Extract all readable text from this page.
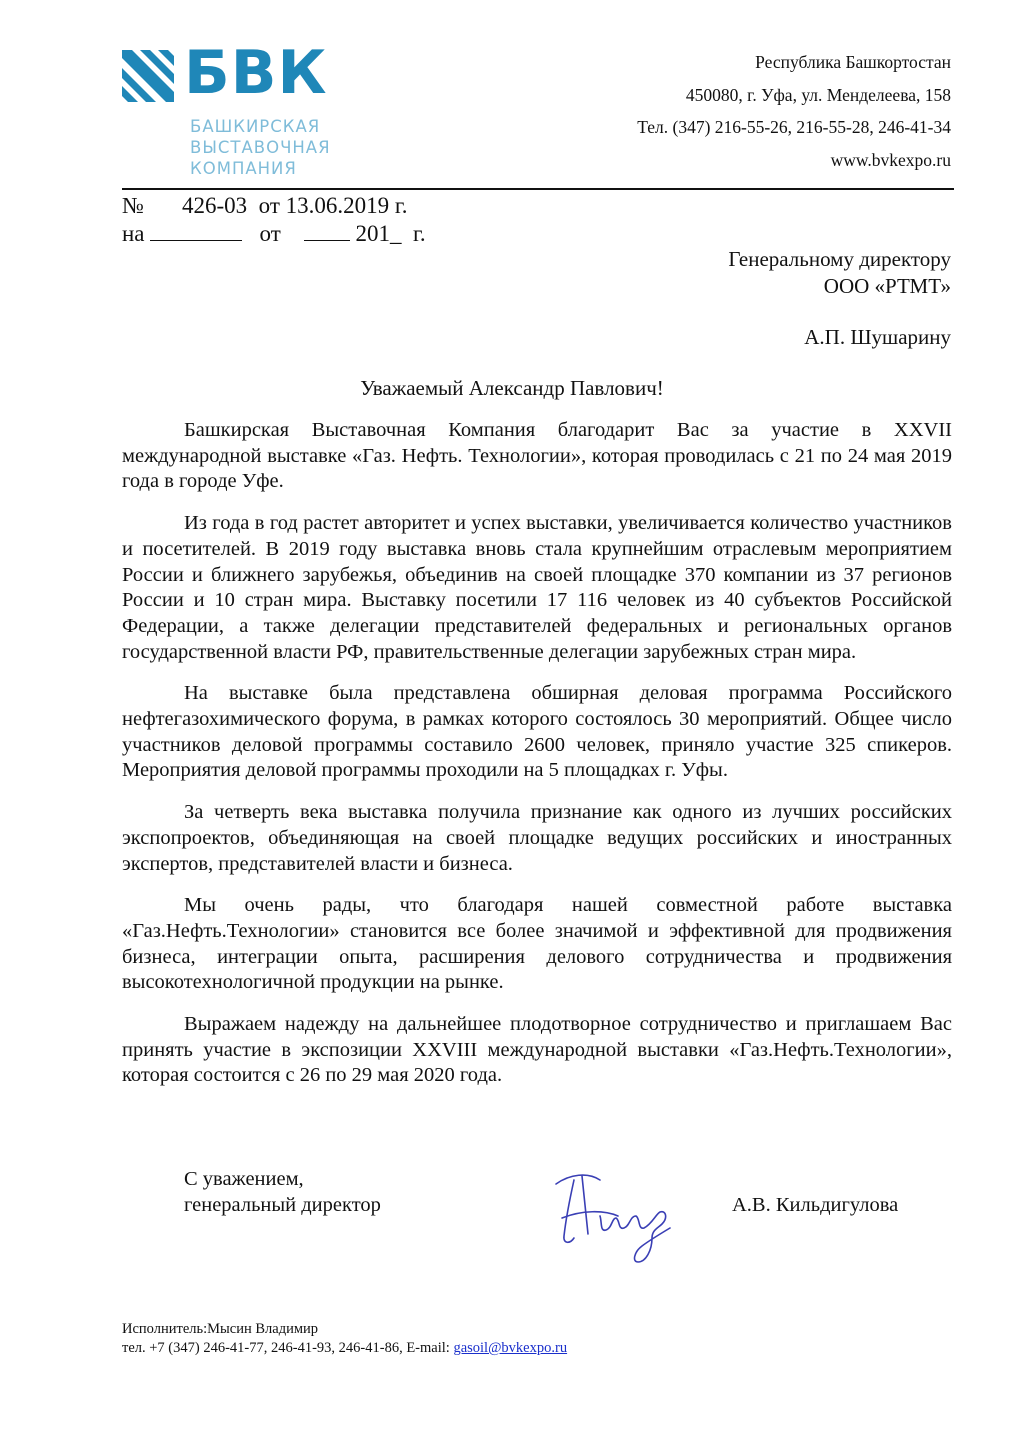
БВК
БАШКИРСКАЯ
ВЫСТАВОЧНАЯ
КОМПАНИЯ
Республика Башкортостан
450080, г. Уфа, ул. Менделеева, 158
Тел. (347) 216-55-26, 216-55-28, 246-41-34
www.bvkexpo.ru
№ 426-03 от 13.06.2019 г.
на	от	201_ г.
Генеральному директору
ООО «РТМТ»
А.П. Шушарину
Уважаемый Александр Павлович!

Башкирская Выставочная Компания благодарит Вас за участие в XXVII международной выставке «Газ. Нефть. Технологии», которая проводилась с 21 по 24 мая 2019 года в городе Уфе.

Из года в год растет авторитет и успех выставки, увеличивается количество участников и посетителей. В 2019 году выставка вновь стала крупнейшим отраслевым мероприятием России и ближнего зарубежья, объединив на своей площадке 370 компании из 37 регионов России и 10 стран мира. Выставку посетили 17 116 человек из 40 субъектов Российской Федерации, а также делегации представителей федеральных и региональных органов государственной власти РФ, правительственные делегации зарубежных стран мира.

На выставке была представлена обширная деловая программа Российского нефтегазохимического форума, в рамках которого состоялось 30 мероприятий. Общее число участников деловой программы составило 2600 человек, приняло участие 325 спикеров. Мероприятия деловой программы проходили на 5 площадках г. Уфы.

За четверть века выставка получила признание как одного из лучших российских экспопроектов, объединяющая на своей площадке ведущих российских и иностранных экспертов, представителей власти и бизнеса.

Мы очень рады, что благодаря нашей совместной работе выставка «Газ.Нефть.Технологии» становится все более значимой и эффективной для продвижения бизнеса, интеграции опыта, расширения делового сотрудничества и продвижения высокотехнологичной продукции на рынке.

Выражаем надежду на дальнейшее плодотворное сотрудничество и приглашаем Вас принять участие в экспозиции XXVIII международной выставки «Газ.Нефть.Технологии», которая состоится с 26 по 29 мая 2020 года.

С уважением,
генеральный директор	А.В. Кильдигулова
Исполнитель:Мысин Владимир
тел. +7 (347) 246-41-77, 246-41-93, 246-41-86, E-mail: gasoil@bvkexpo.ru
